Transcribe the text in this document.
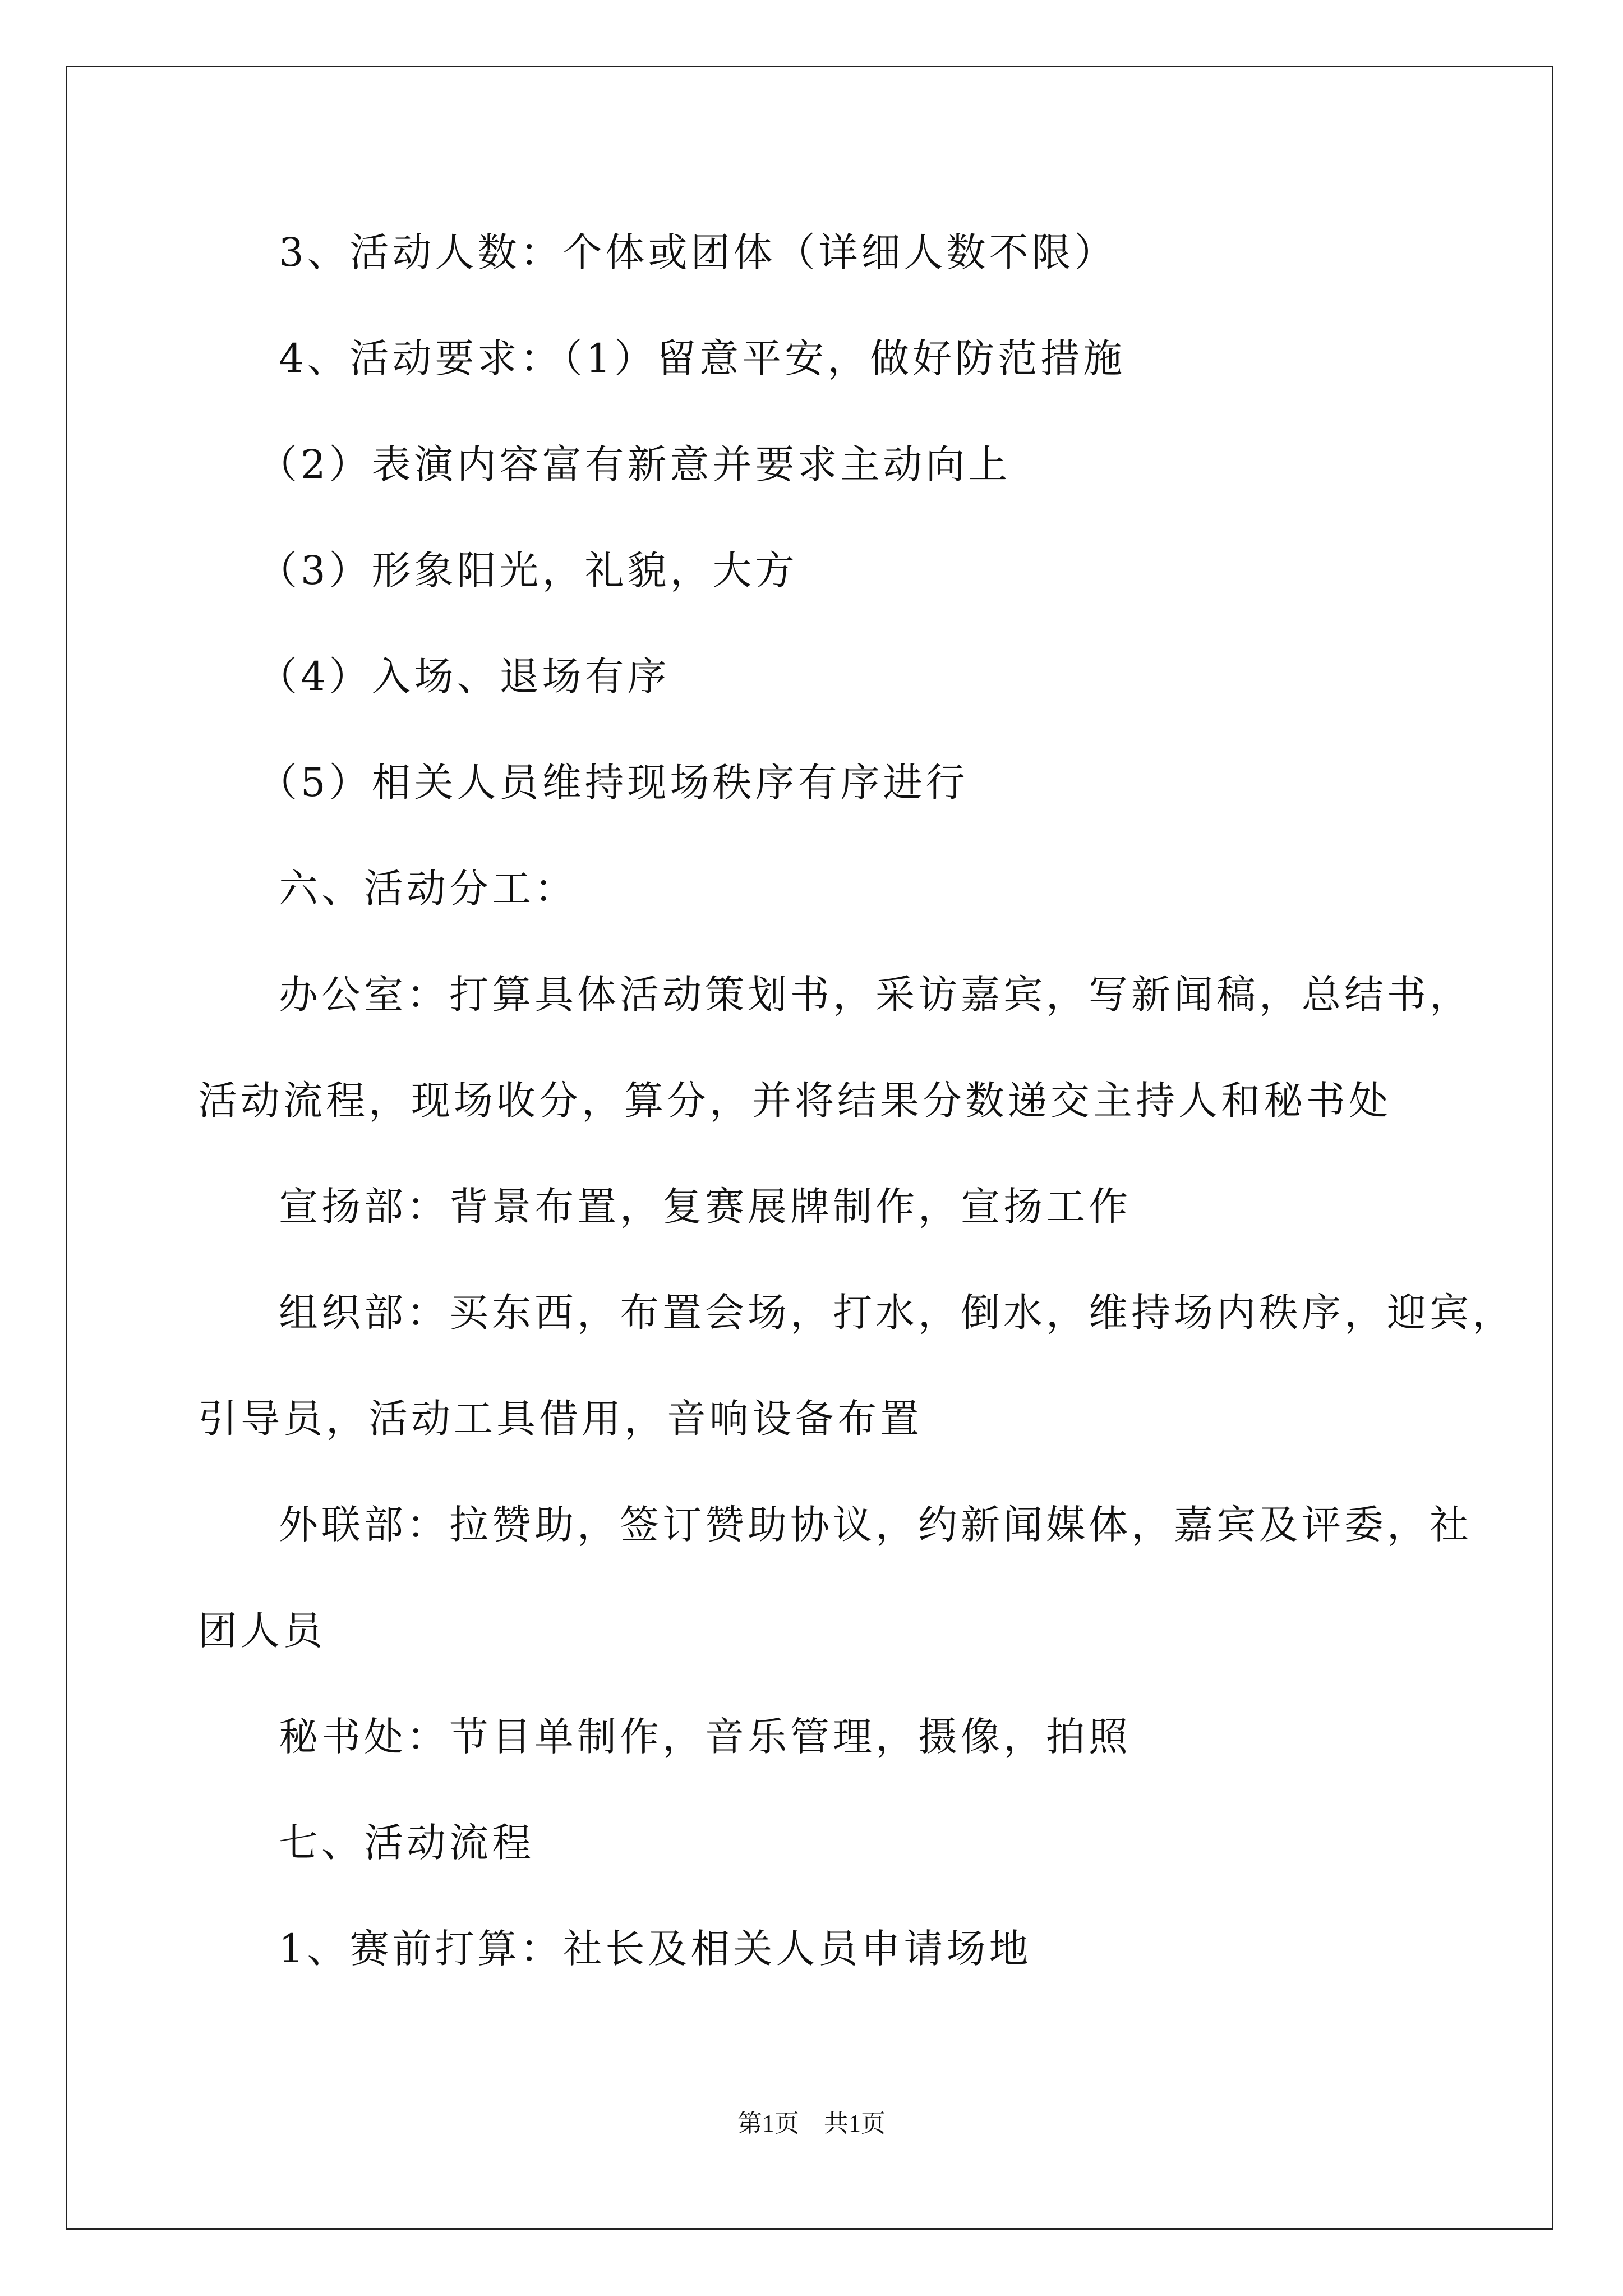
3、活动人数：个体或团体（详细人数不限）
4、活动要求：（1）留意平安，做好防范措施
（2）表演内容富有新意并要求主动向上
（3）形象阳光，礼貌，大方
（4）入场、退场有序
（5）相关人员维持现场秩序有序进行
六、活动分工：
办公室：打算具体活动策划书，采访嘉宾，写新闻稿，总结书，
活动流程，现场收分，算分，并将结果分数递交主持人和秘书处
宣扬部：背景布置，复赛展牌制作，宣扬工作
组织部：买东西，布置会场，打水，倒水，维持场内秩序，迎宾，
引导员，活动工具借用，音响设备布置
外联部：拉赞助，签订赞助协议，约新闻媒体，嘉宾及评委，社
团人员
秘书处：节目单制作，音乐管理，摄像，拍照
七、活动流程
1、赛前打算：社长及相关人员申请场地
第1页　共1页
